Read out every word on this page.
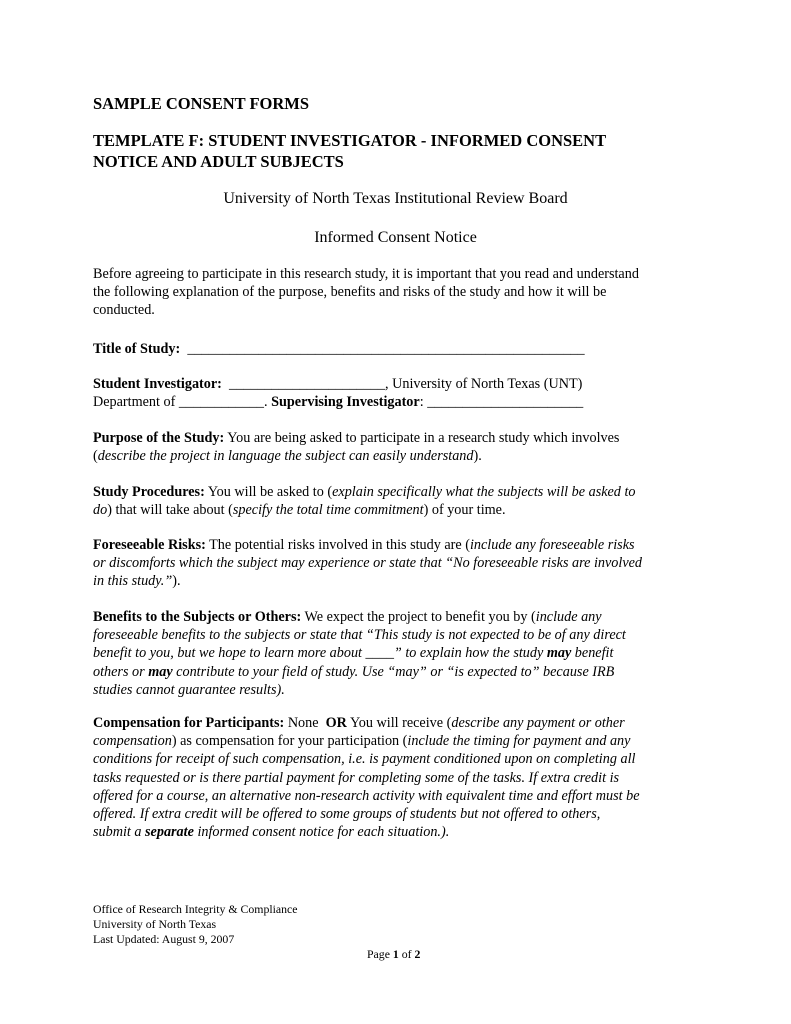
SAMPLE CONSENT FORMS

TEMPLATE F: STUDENT INVESTIGATOR - INFORMED CONSENT
NOTICE AND ADULT SUBJECTS

University of North Texas Institutional Review Board

Informed Consent Notice

Before agreeing to participate in this research study, it is important that you read and understand
the following explanation of the purpose, benefits and risks of the study and how it will be
conducted.

Title of Study: ________________________________________________________

Student Investigator: ______________________, University of North Texas (UNT)
Department of ____________. Supervising Investigator: ______________________

Purpose of the Study: You are being asked to participate in a research study which involves
(describe the project in language the subject can easily understand).

Study Procedures: You will be asked to (explain specifically what the subjects will be asked to
do) that will take about (specify the total time commitment) of your time.

Foreseeable Risks: The potential risks involved in this study are (include any foreseeable risks
or discomforts which the subject may experience or state that “No foreseeable risks are involved
in this study.”).

Benefits to the Subjects or Others: We expect the project to benefit you by (include any
foreseeable benefits to the subjects or state that “This study is not expected to be of any direct
benefit to you, but we hope to learn more about ____” to explain how the study may benefit
others or may contribute to your field of study. Use “may” or “is expected to” because IRB
studies cannot guarantee results).

Compensation for Participants: None  OR You will receive (describe any payment or other
compensation) as compensation for your participation (include the timing for payment and any
conditions for receipt of such compensation, i.e. is payment conditioned upon on completing all
tasks requested or is there partial payment for completing some of the tasks. If extra credit is
offered for a course, an alternative non-research activity with equivalent time and effort must be
offered. If extra credit will be offered to some groups of students but not offered to others,
submit a separate informed consent notice for each situation.).

Office of Research Integrity & Compliance
University of North Texas
Last Updated: August 9, 2007
Page 1 of 2
